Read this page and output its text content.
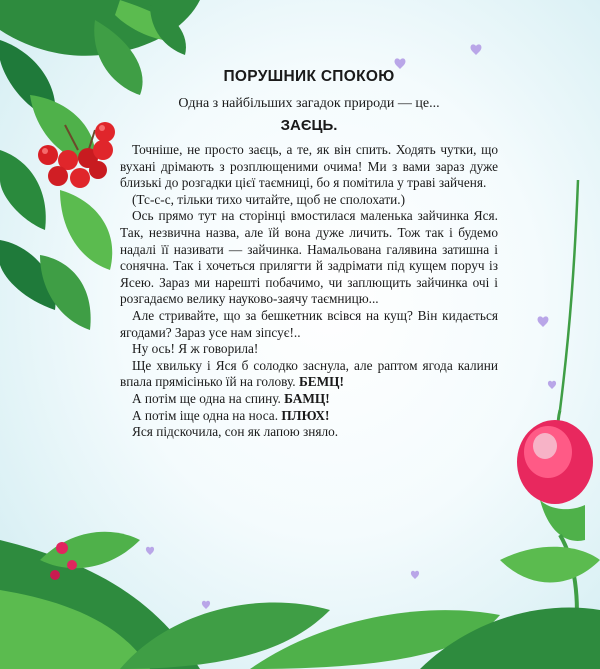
ПОРУШНИК СПОКОЮ

Одна з найбільших загадок природи — це...

ЗАЄЦЬ.

Точніше, не просто заєць, а те, як він спить. Ходять чутки, що вухані дрімають з розплющеними очима! Ми з вами зараз дуже близькі до розгадки цієї таємниці, бо я помітила у траві зайченя.

(Тс-с-с, тільки тихо читайте, щоб не сполохати.)

Ось прямо тут на сторінці вмостилася маленька зайчинка Яся. Так, незвична назва, але їй вона дуже личить. Тож так і будемо надалі її називати — зайчинка. Намальована галявина затишна і сонячна. Так і хочеться прилягти й задрімати під кущем поруч із Ясею. Зараз ми нарешті побачимо, чи заплющить зайчинка очі і розгадаємо велику науково-заячу таємницю...

Але стривайте, що за бешкетник всівся на кущ? Він кидається ягодами? Зараз усе нам зіпсує!..

Ну ось! Я ж говорила!

Ще хвильку і Яся б солодко заснула, але раптом ягода калини впала прямісінько їй на голову. БЕМЦ!

А потім ще одна на спину. БАМЦ!

А потім іще одна на носа. ПЛЮХ!

Яся підскочила, сон як лапою зняло.
